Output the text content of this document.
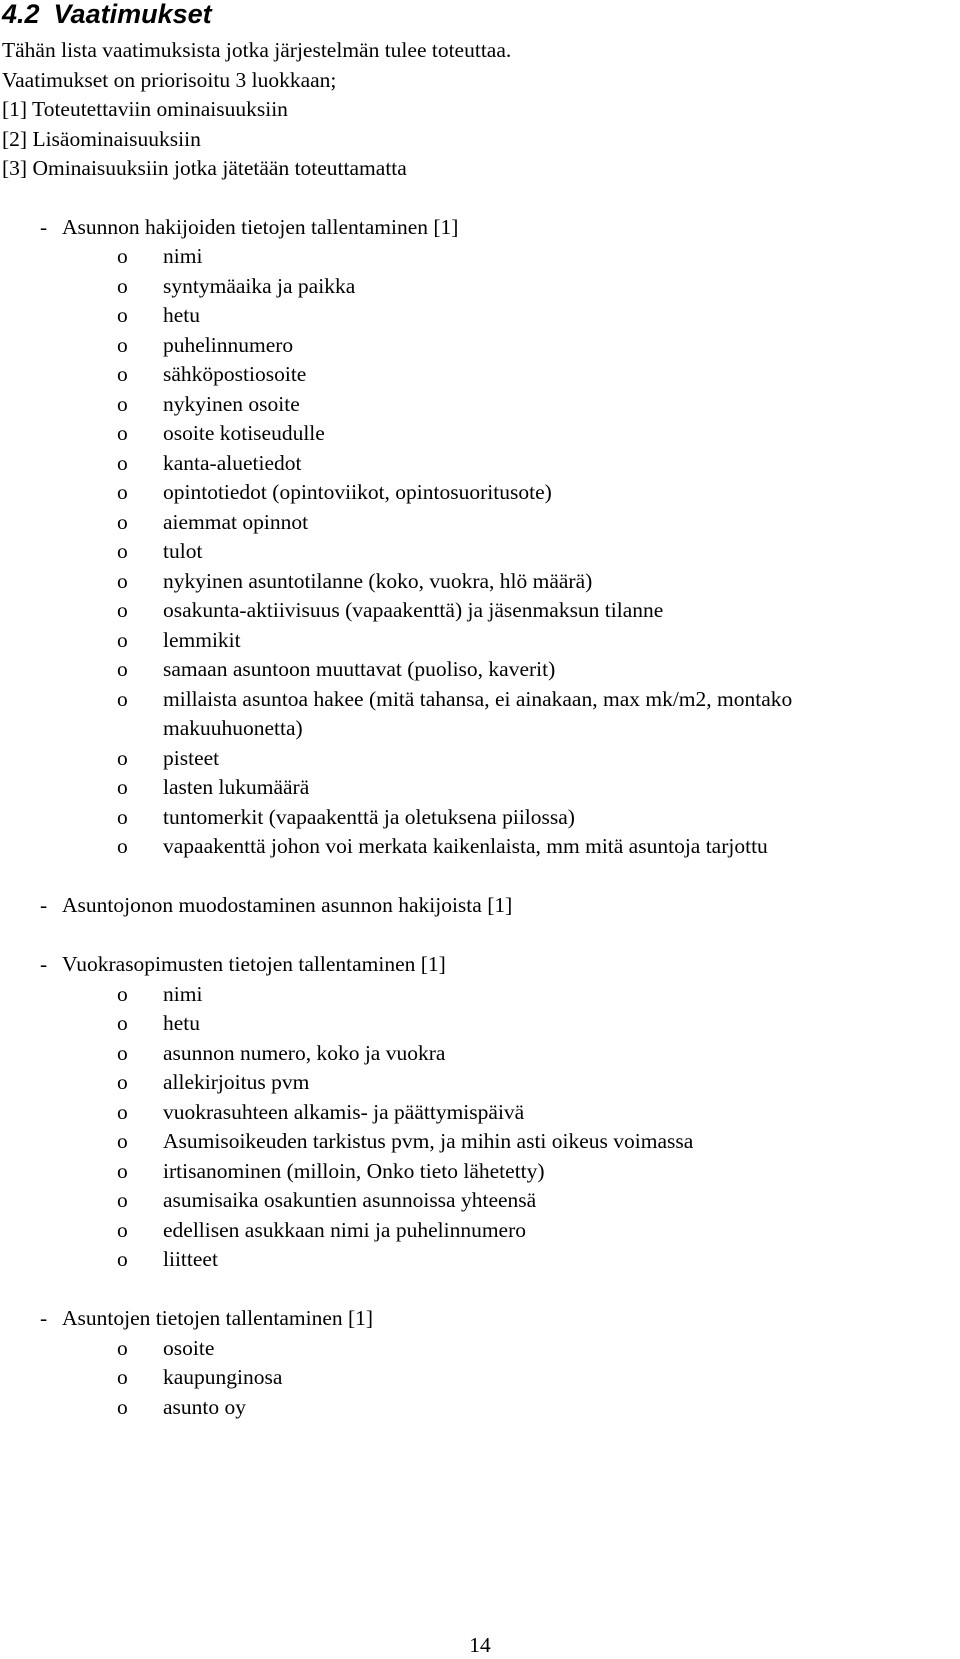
4.2 Vaatimukset
Tähän lista vaatimuksista jotka järjestelmän tulee toteuttaa.
Vaatimukset on priorisoitu 3 luokkaan;
[1] Toteutettaviin ominaisuuksiin
[2] Lisäominaisuuksiin
[3] Ominaisuuksiin jotka jätetään toteuttamatta
- Asunnon hakijoiden tietojen tallentaminen [1]
o nimi
o syntymäaika ja paikka
o hetu
o puhelinnumero
o sähköpostiosoite
o nykyinen osoite
o osoite kotiseudulle
o kanta-aluetiedot
o opintotiedot (opintoviikot, opintosuoritusote)
o aiemmat opinnot
o tulot
o nykyinen asuntotilanne (koko, vuokra, hlö määrä)
o osakunta-aktiivisuus (vapaakenttä) ja jäsenmaksun tilanne
o lemmikit
o samaan asuntoon muuttavat (puoliso, kaverit)
o millaista asuntoa hakee (mitä tahansa, ei ainakaan, max mk/m2, montako
makuuhuonetta)
o pisteet
o lasten lukumäärä
o tuntomerkit (vapaakenttä ja oletuksena piilossa)
o vapaakenttä johon voi merkata kaikenlaista, mm mitä asuntoja tarjottu
- Asuntojonon muodostaminen asunnon hakijoista [1]
- Vuokrasopimusten tietojen tallentaminen [1]
o nimi
o hetu
o asunnon numero, koko ja vuokra
o allekirjoitus pvm
o vuokrasuhteen alkamis- ja päättymispäivä
o Asumisoikeuden tarkistus pvm, ja mihin asti oikeus voimassa
o irtisanominen (milloin, Onko tieto lähetetty)
o asumisaika osakuntien asunnoissa yhteensä
o edellisen asukkaan nimi ja puhelinnumero
o liitteet
- Asuntojen tietojen tallentaminen [1]
o osoite
o kaupunginosa
o asunto oy
14
